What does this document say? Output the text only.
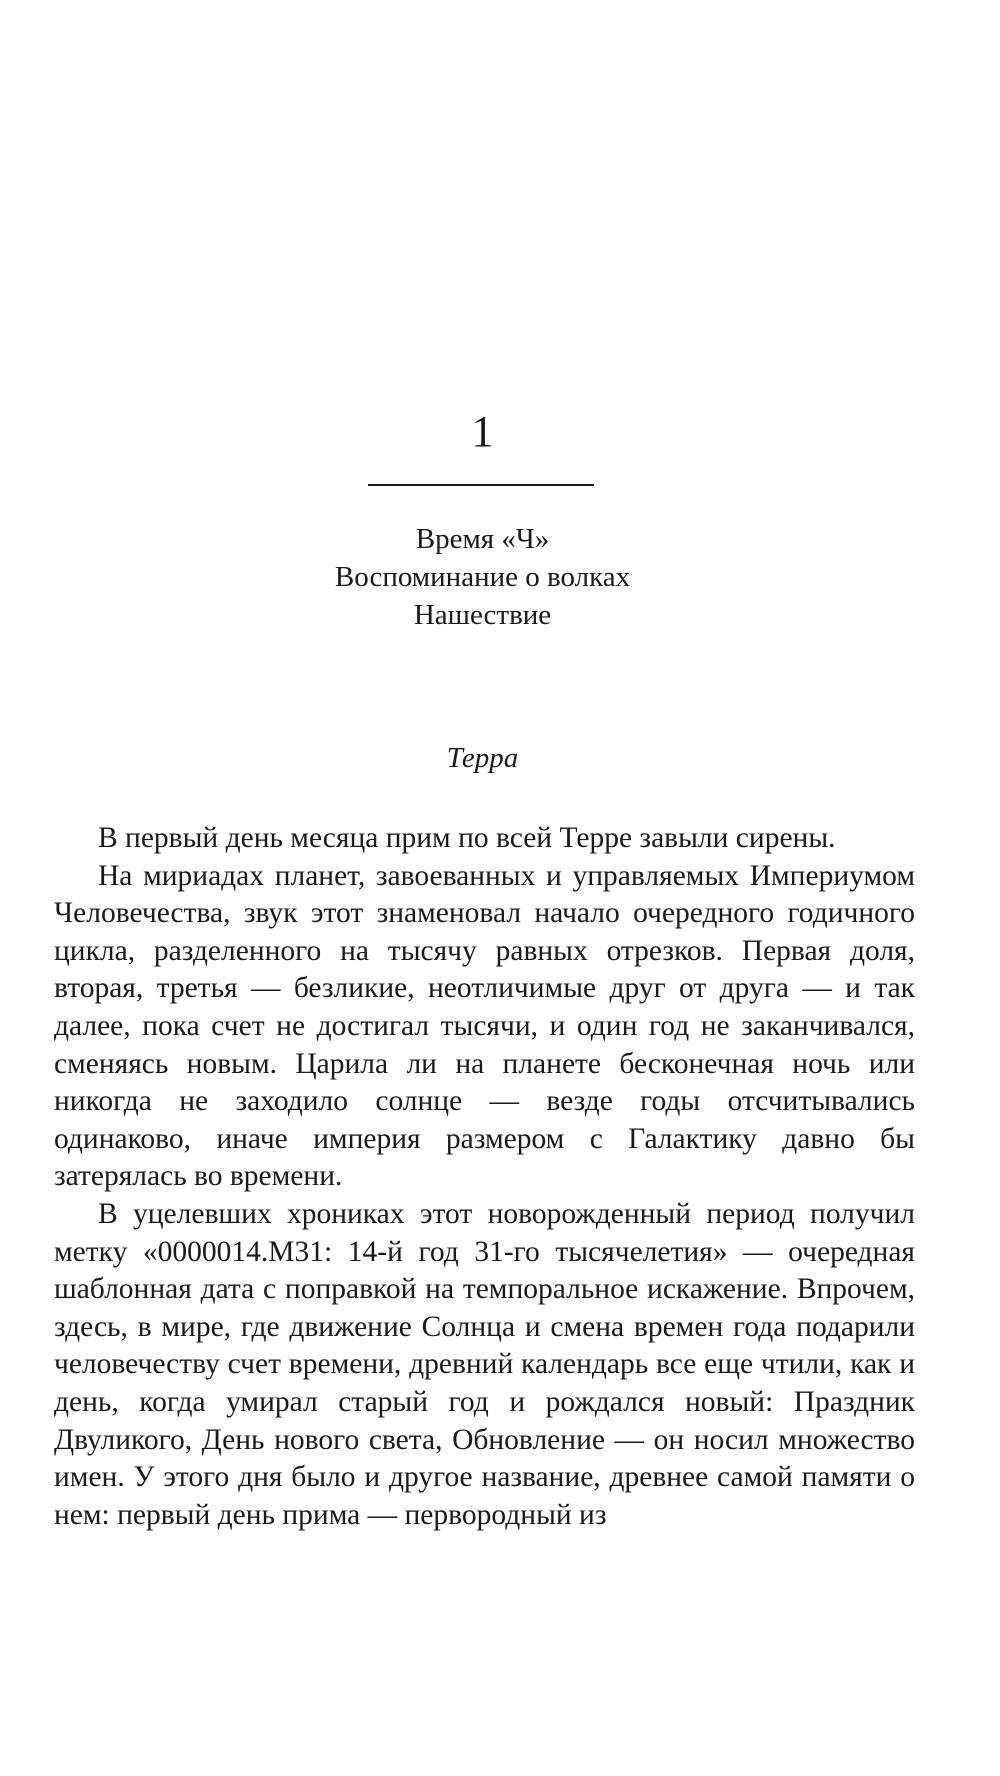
1
Время «Ч»
Воспоминание о волках
Нашествие
Терра

В первый день месяца прим по всей Терре завыли сирены.

На мириадах планет, завоеванных и управляемых Империумом Человечества, звук этот знаменовал начало очередного годичного цикла, разделенного на тысячу равных отрезков. Первая доля, вторая, третья — безликие, неотличимые друг от друга — и так далее, пока счет не достигал тысячи, и один год не заканчивался, сменяясь новым. Царила ли на планете бесконечная ночь или никогда не заходило солнце — везде годы отсчитывались одинаково, иначе империя размером с Галактику давно бы затерялась во времени.

В уцелевших хрониках этот новорожденный период получил метку «0000014.М31: 14-й год 31-го тысячелетия» — очередная шаблонная дата с поправкой на темпоральное искажение. Впрочем, здесь, в мире, где движение Солнца и смена времен года подарили человечеству счет времени, древний календарь все еще чтили, как и день, когда умирал старый год и рождался новый: Праздник Двуликого, День нового света, Обновление — он носил множество имен. У этого дня было и другое название, древнее самой памяти о нем: первый день прима — первородный из
